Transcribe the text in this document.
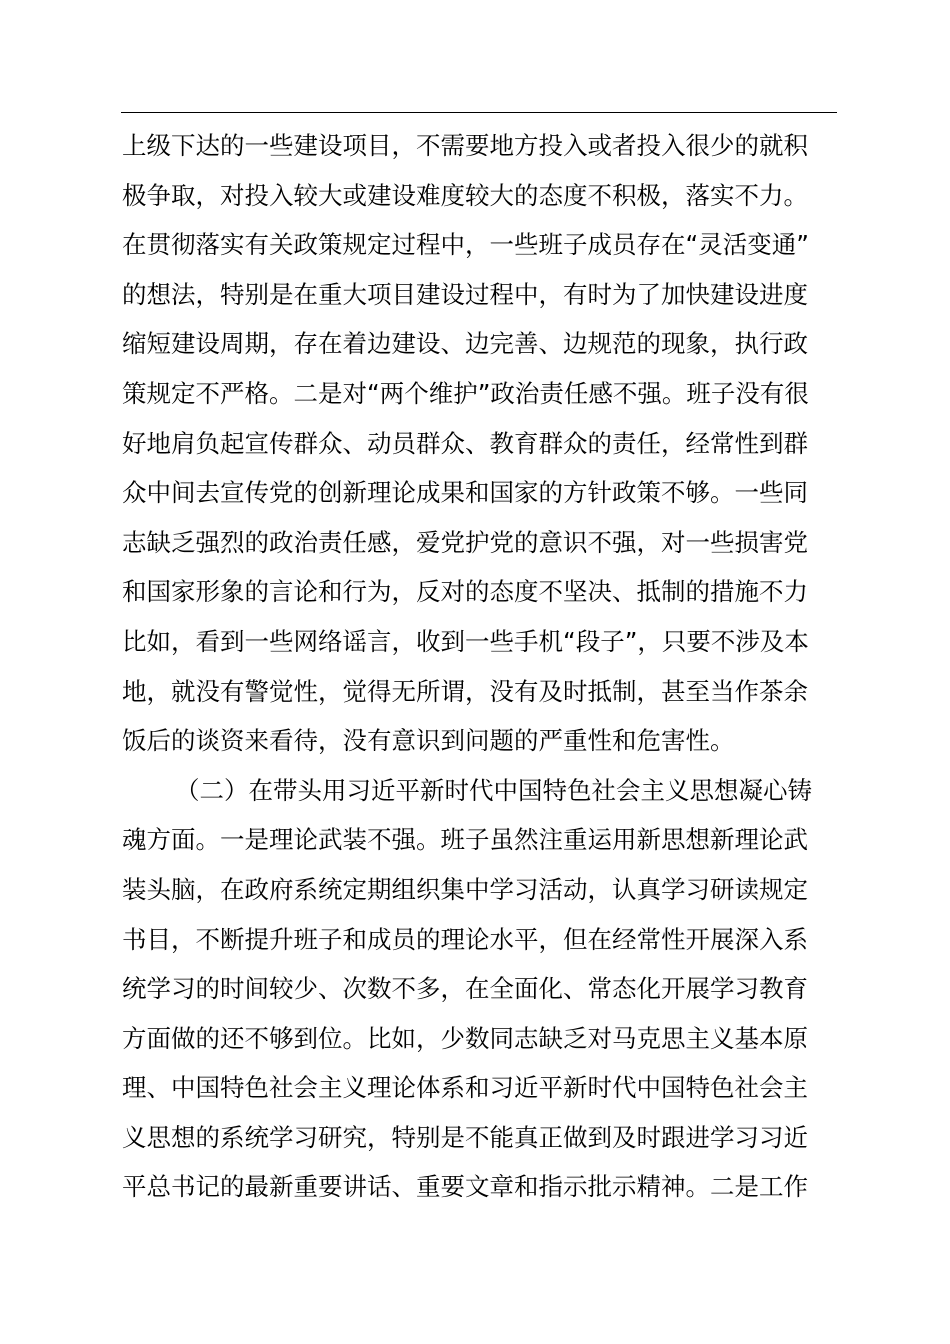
上级下达的一些建设项目，不需要地方投入或者投入很少的就积
极争取，对投入较大或建设难度较大的态度不积极，落实不力。
在贯彻落实有关政策规定过程中，一些班子成员存在“灵活变通”
的想法，特别是在重大项目建设过程中，有时为了加快建设进度
缩短建设周期，存在着边建设、边完善、边规范的现象，执行政
策规定不严格。二是对“两个维护”政治责任感不强。班子没有很
好地肩负起宣传群众、动员群众、教育群众的责任，经常性到群
众中间去宣传党的创新理论成果和国家的方针政策不够。一些同
志缺乏强烈的政治责任感，爱党护党的意识不强，对一些损害党
和国家形象的言论和行为，反对的态度不坚决、抵制的措施不力
比如，看到一些网络谣言，收到一些手机“段子”，只要不涉及本
地，就没有警觉性，觉得无所谓，没有及时抵制，甚至当作茶余
饭后的谈资来看待，没有意识到问题的严重性和危害性。
（二）在带头用习近平新时代中国特色社会主义思想凝心铸
魂方面。一是理论武装不强。班子虽然注重运用新思想新理论武
装头脑，在政府系统定期组织集中学习活动，认真学习研读规定
书目，不断提升班子和成员的理论水平，但在经常性开展深入系
统学习的时间较少、次数不多，在全面化、常态化开展学习教育
方面做的还不够到位。比如，少数同志缺乏对马克思主义基本原
理、中国特色社会主义理论体系和习近平新时代中国特色社会主
义思想的系统学习研究，特别是不能真正做到及时跟进学习习近
平总书记的最新重要讲话、重要文章和指示批示精神。二是工作
